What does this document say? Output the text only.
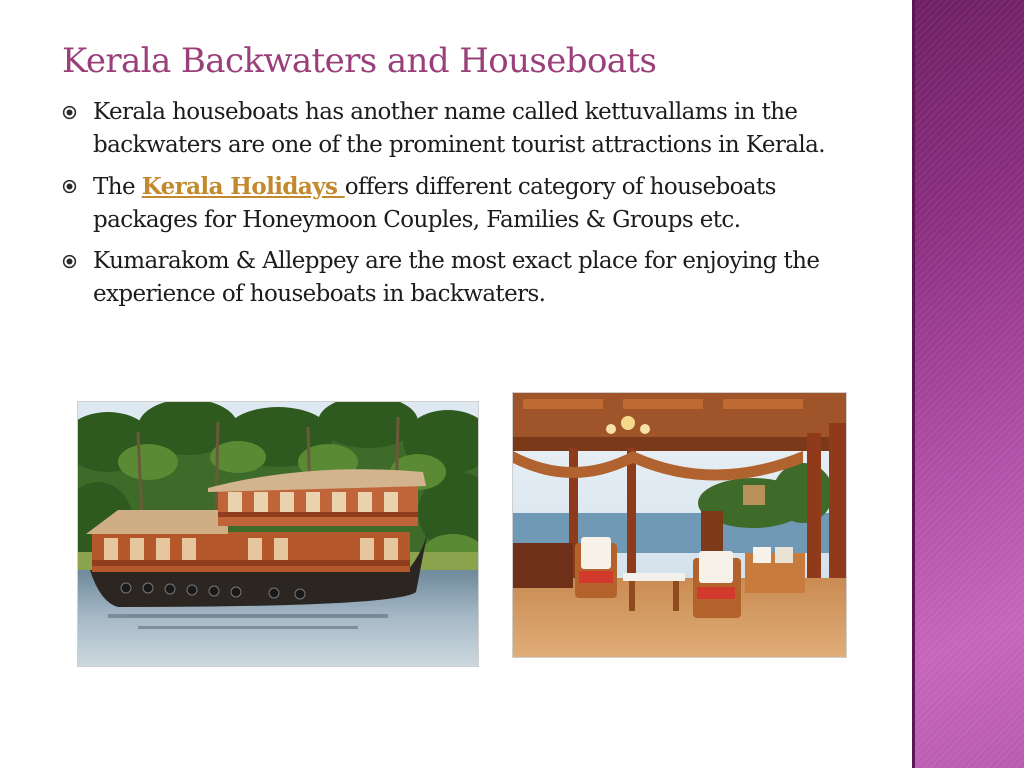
Kerala Backwaters and Houseboats
Kerala houseboats has another name called kettuvallams in the backwaters are one of the prominent tourist attractions in Kerala.
The Kerala Holidays offers different category of houseboats packages for Honeymoon Couples, Families & Groups etc.
Kumarakom & Alleppey are the most exact place for enjoying the experience of houseboats in backwaters.
